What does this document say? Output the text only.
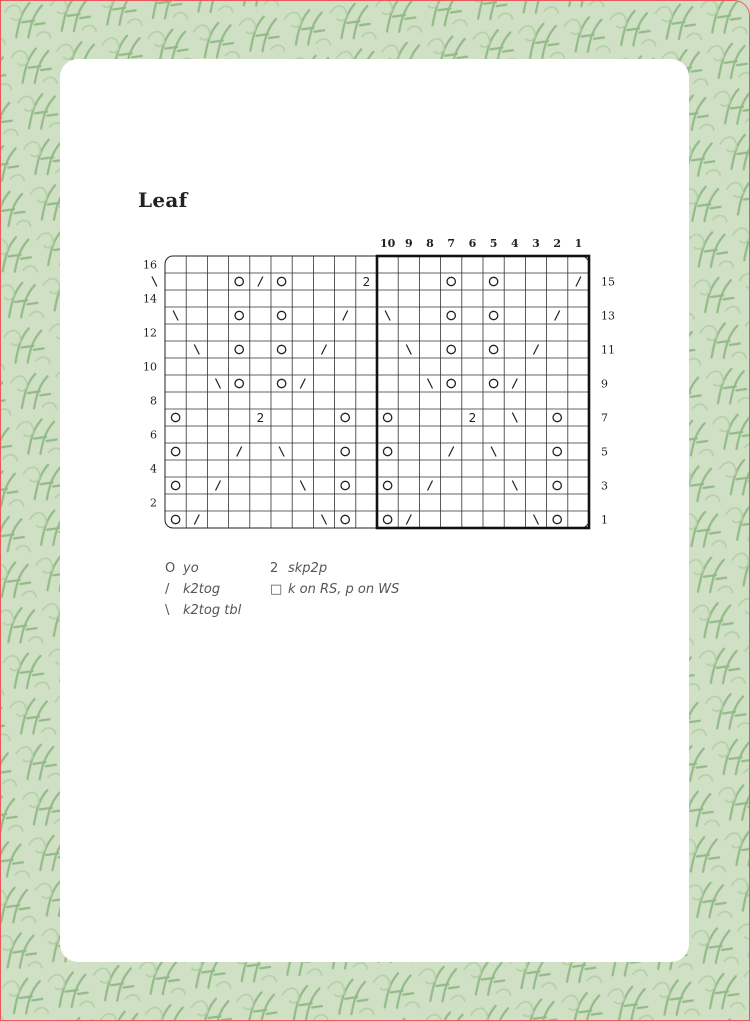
Leaf
10 9 8 7 6 5 4 3 2 1
15
13
11
9
7
5
3
1
16
14
12
10
8
6
4
2
2
2	2
O yo
/ k2tog
\ k2tog tbl
2 skp2p
□ k on RS, p on WS
